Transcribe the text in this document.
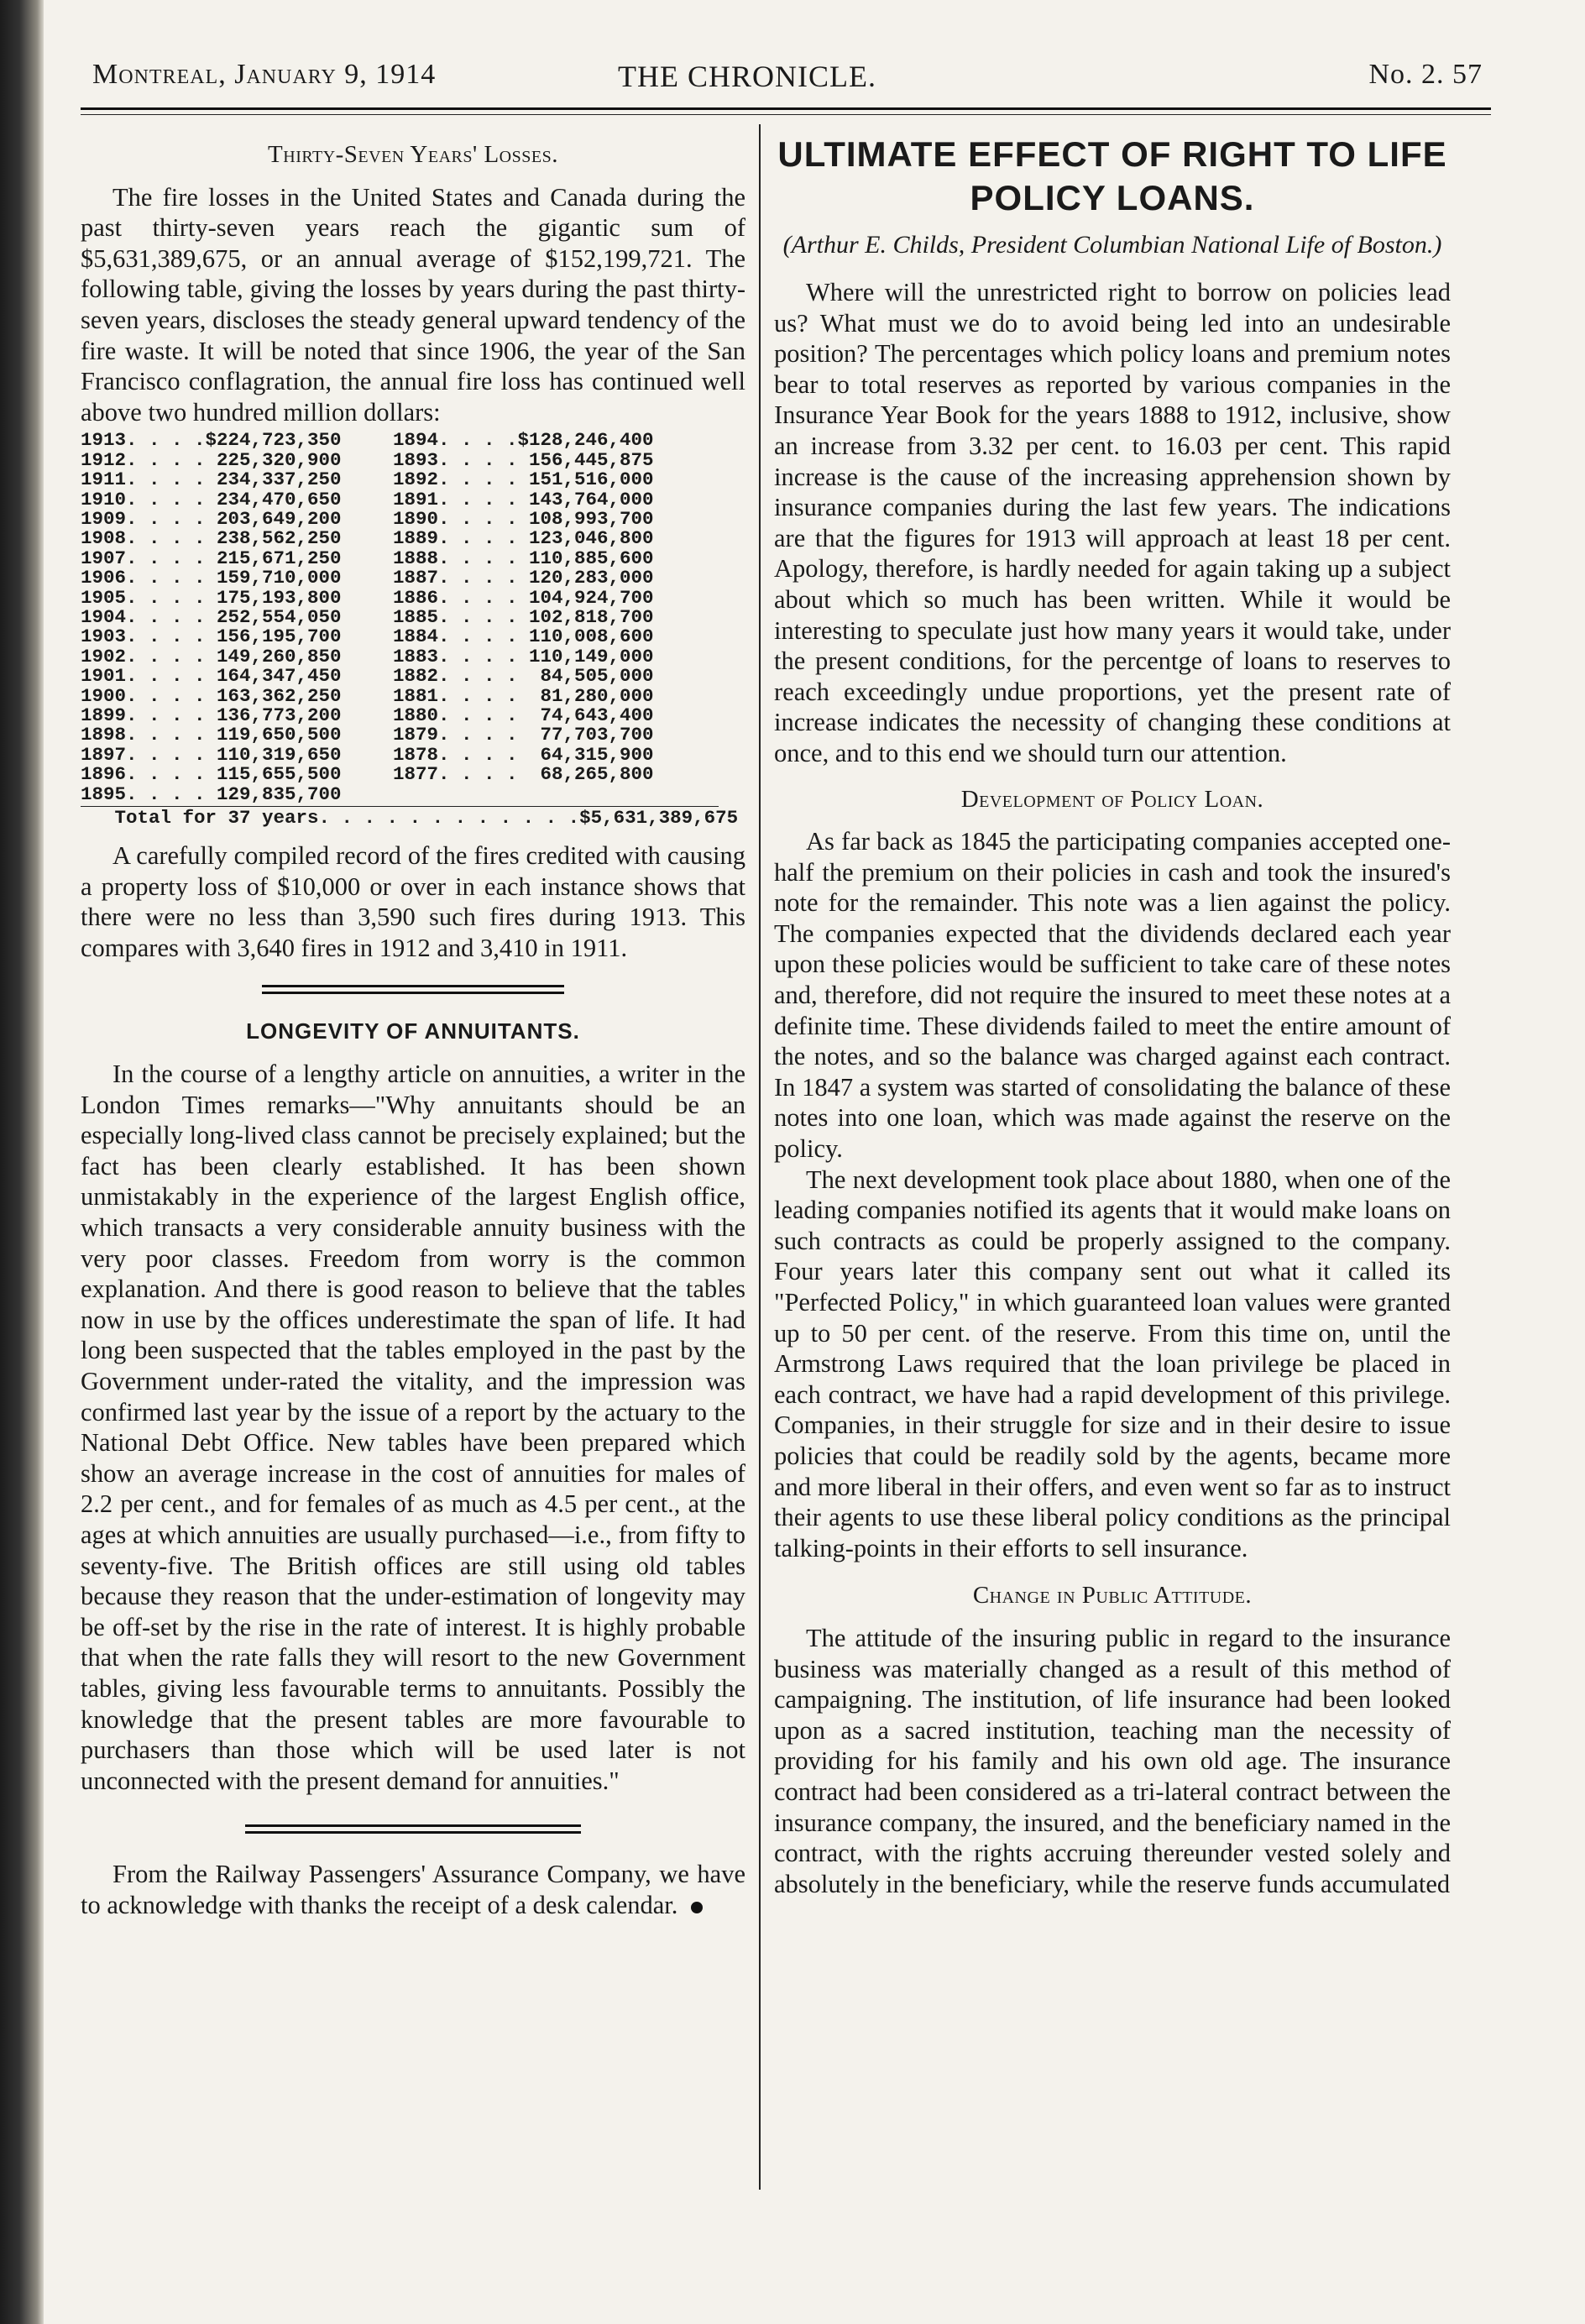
Montreal, January 9, 1914	THE CHRONICLE.	No. 2. 57
Thirty-Seven Years' Losses.

The fire losses in the United States and Canada during the past thirty-seven years reach the gigantic sum of $5,631,389,675, or an annual average of $152,199,721. The following table, giving the losses by years during the past thirty-seven years, discloses the steady general upward tendency of the fire waste. It will be noted that since 1906, the year of the San Francisco conflagration, the annual fire loss has continued well above two hundred million dollars:

1913. . . .$224,723,350	1894. . . .$128,246,400
1912. . . . 225,320,900	1893. . . . 156,445,875
1911. . . . 234,337,250	1892. . . . 151,516,000
1910. . . . 234,470,650	1891. . . . 143,764,000
1909. . . . 203,649,200	1890. . . . 108,993,700
1908. . . . 238,562,250	1889. . . . 123,046,800
1907. . . . 215,671,250	1888. . . . 110,885,600
1906. . . . 159,710,000	1887. . . . 120,283,000
1905. . . . 175,193,800	1886. . . . 104,924,700
1904. . . . 252,554,050	1885. . . . 102,818,700
1903. . . . 156,195,700	1884. . . . 110,008,600
1902. . . . 149,260,850	1883. . . . 110,149,000
1901. . . . 164,347,450	1882. . . .  84,505,000
1900. . . . 163,362,250	1881. . . .  81,280,000
1899. . . . 136,773,200	1880. . . .  74,643,400
1898. . . . 119,650,500	1879. . . .  77,703,700
1897. . . . 110,319,650	1878. . . .  64,315,900
1896. . . . 115,655,500	1877. . . .  68,265,800
1895. . . . 129,835,700
Total for 37 years. . . . . . . . . . . .$5,631,389,675

A carefully compiled record of the fires credited with causing a property loss of $10,000 or over in each instance shows that there were no less than 3,590 such fires during 1913. This compares with 3,640 fires in 1912 and 3,410 in 1911.

LONGEVITY OF ANNUITANTS.

In the course of a lengthy article on annuities, a writer in the London Times remarks—"Why annuitants should be an especially long-lived class cannot be precisely explained; but the fact has been clearly established. It has been shown unmistakably in the experience of the largest English office, which transacts a very considerable annuity business with the very poor classes. Freedom from worry is the common explanation. And there is good reason to believe that the tables now in use by the offices underestimate the span of life. It had long been suspected that the tables employed in the past by the Government under-rated the vitality, and the impression was confirmed last year by the issue of a report by the actuary to the National Debt Office. New tables have been prepared which show an average increase in the cost of annuities for males of 2.2 per cent., and for females of as much as 4.5 per cent., at the ages at which annuities are usually purchased—i.e., from fifty to seventy-five. The British offices are still using old tables because they reason that the under-estimation of longevity may be off-set by the rise in the rate of interest. It is highly probable that when the rate falls they will resort to the new Government tables, giving less favourable terms to annuitants. Possibly the knowledge that the present tables are more favourable to purchasers than those which will be used later is not unconnected with the present demand for annuities."

From the Railway Passengers' Assurance Company, we have to acknowledge with thanks the receipt of a desk calendar.

ULTIMATE EFFECT OF RIGHT TO LIFE POLICY LOANS.
(Arthur E. Childs, President Columbian National Life of Boston.)

Where will the unrestricted right to borrow on policies lead us? What must we do to avoid being led into an undesirable position? The percentages which policy loans and premium notes bear to total reserves as reported by various companies in the Insurance Year Book for the years 1888 to 1912, inclusive, show an increase from 3.32 per cent. to 16.03 per cent. This rapid increase is the cause of the increasing apprehension shown by insurance companies during the last few years. The indications are that the figures for 1913 will approach at least 18 per cent. Apology, therefore, is hardly needed for again taking up a subject about which so much has been written. While it would be interesting to speculate just how many years it would take, under the present conditions, for the percentge of loans to reserves to reach exceedingly undue proportions, yet the present rate of increase indicates the necessity of changing these conditions at once, and to this end we should turn our attention.

Development of Policy Loan.

As far back as 1845 the participating companies accepted one-half the premium on their policies in cash and took the insured's note for the remainder. This note was a lien against the policy. The companies expected that the dividends declared each year upon these policies would be sufficient to take care of these notes and, therefore, did not require the insured to meet these notes at a definite time. These dividends failed to meet the entire amount of the notes, and so the balance was charged against each contract. In 1847 a system was started of consolidating the balance of these notes into one loan, which was made against the reserve on the policy.

The next development took place about 1880, when one of the leading companies notified its agents that it would make loans on such contracts as could be properly assigned to the company. Four years later this company sent out what it called its "Perfected Policy," in which guaranteed loan values were granted up to 50 per cent. of the reserve. From this time on, until the Armstrong Laws required that the loan privilege be placed in each contract, we have had a rapid development of this privilege. Companies, in their struggle for size and in their desire to issue policies that could be readily sold by the agents, became more and more liberal in their offers, and even went so far as to instruct their agents to use these liberal policy conditions as the principal talking-points in their efforts to sell insurance.

Change in Public Attitude.

The attitude of the insuring public in regard to the insurance business was materially changed as a result of this method of campaigning. The institution, of life insurance had been looked upon as a sacred institution, teaching man the necessity of providing for his family and his own old age. The insurance contract had been considered as a tri-lateral contract between the insurance company, the insured, and the beneficiary named in the contract, with the rights accruing thereunder vested solely and absolutely in the beneficiary, while the reserve funds accumulated
